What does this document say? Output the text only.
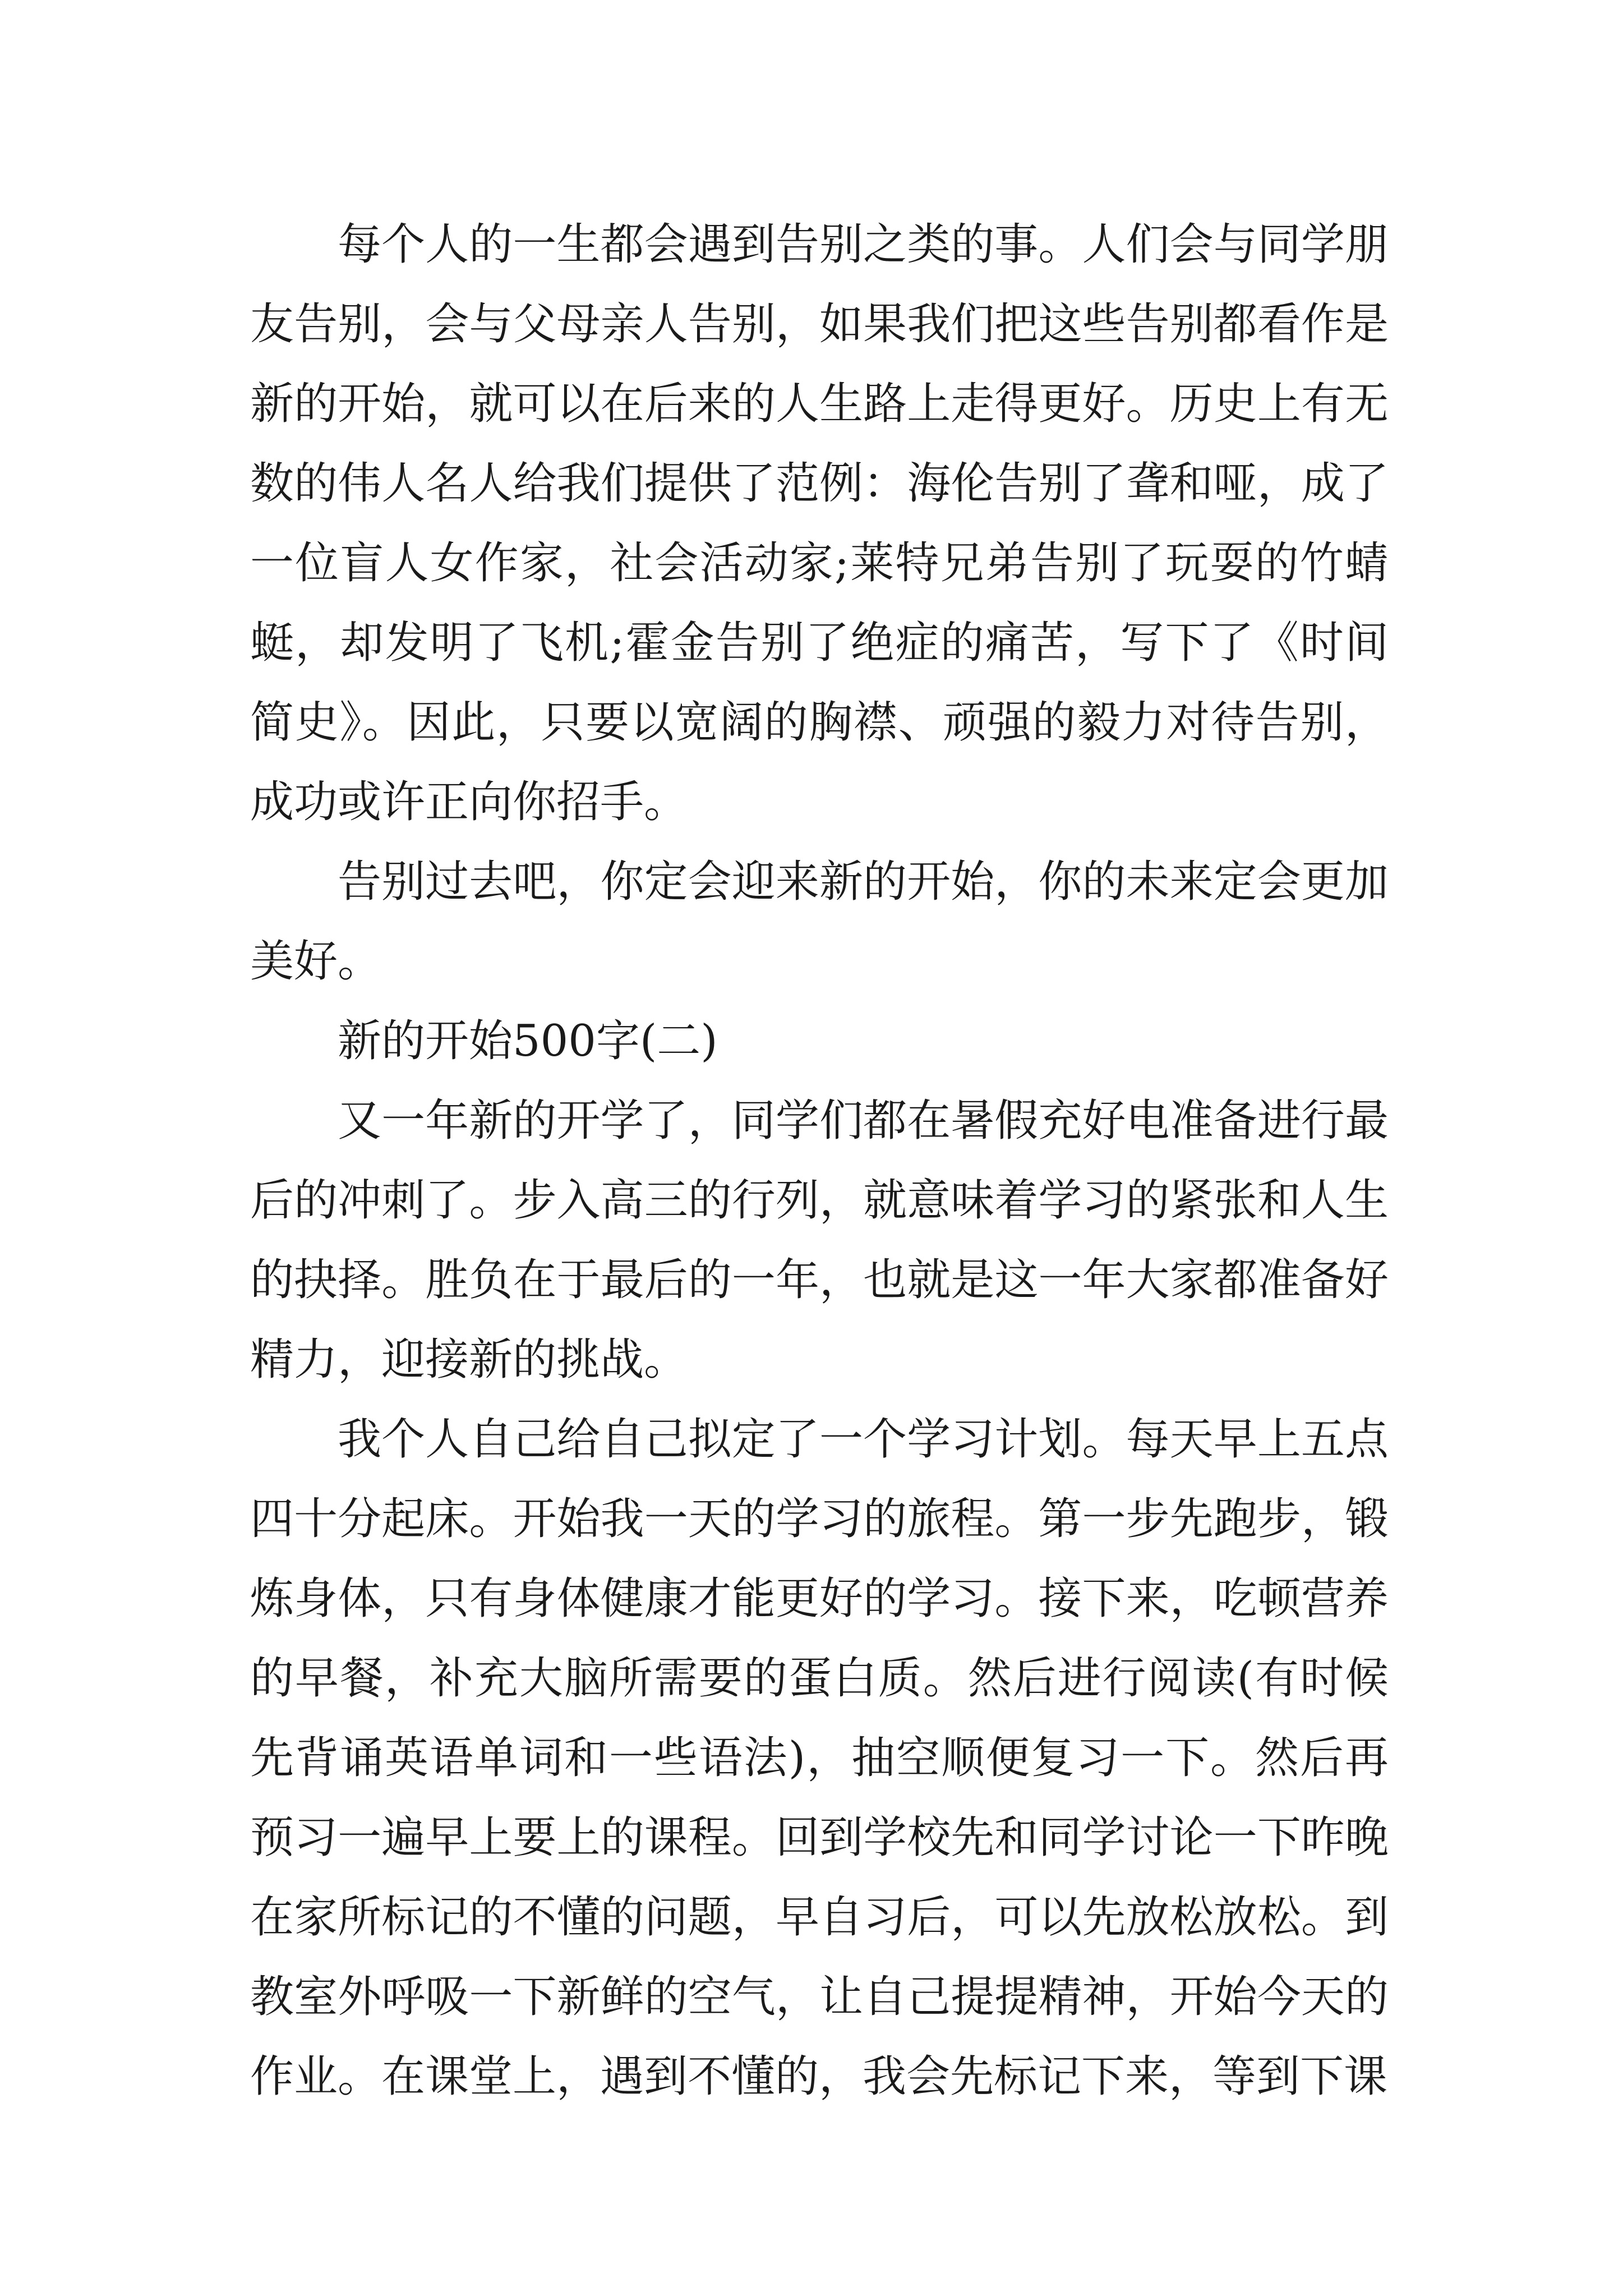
每个人的一生都会遇到告别之类的事。人们会与同学朋友告别，会与父母亲人告别，如果我们把这些告别都看作是新的开始，就可以在后来的人生路上走得更好。历史上有无数的伟人名人给我们提供了范例：海伦告别了聋和哑，成了一位盲人女作家，社会活动家;莱特兄弟告别了玩耍的竹蜻蜓，却发明了飞机;霍金告别了绝症的痛苦，写下了《时间简史》。因此，只要以宽阔的胸襟、顽强的毅力对待告别，成功或许正向你招手。

告别过去吧，你定会迎来新的开始，你的未来定会更加美好。

新的开始500字(二)

又一年新的开学了，同学们都在暑假充好电准备进行最后的冲刺了。步入高三的行列，就意味着学习的紧张和人生的抉择。胜负在于最后的一年，也就是这一年大家都准备好精力，迎接新的挑战。

我个人自己给自己拟定了一个学习计划。每天早上五点四十分起床。开始我一天的学习的旅程。第一步先跑步，锻炼身体，只有身体健康才能更好的学习。接下来，吃顿营养的早餐，补充大脑所需要的蛋白质。然后进行阅读(有时候先背诵英语单词和一些语法)，抽空顺便复习一下。然后再预习一遍早上要上的课程。回到学校先和同学讨论一下昨晚在家所标记的不懂的问题，早自习后，可以先放松放松。到教室外呼吸一下新鲜的空气，让自己提提精神，开始今天的作业。在课堂上，遇到不懂的，我会先标记下来，等到下课
